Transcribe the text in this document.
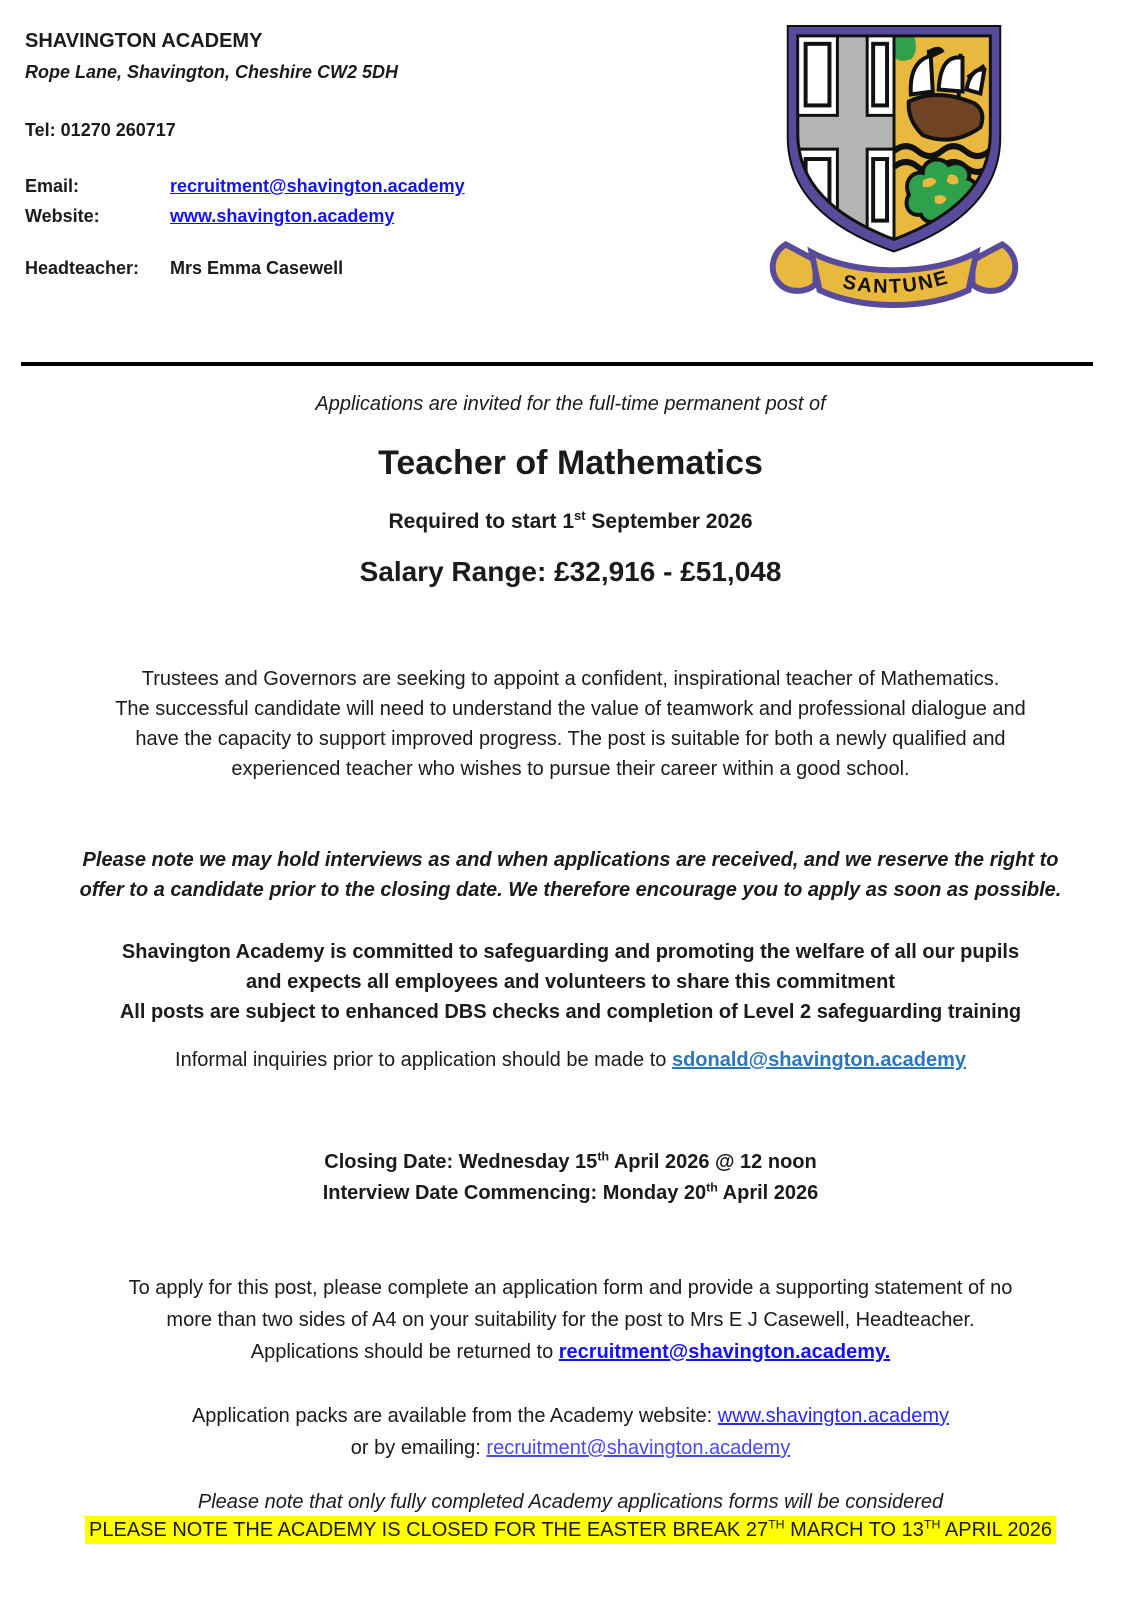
SHAVINGTON ACADEMY
Rope Lane, Shavington, Cheshire CW2 5DH
Tel: 01270 260717
Email:	recruitment@shavington.academy
Website:	www.shavington.academy
Headteacher:	Mrs Emma Casewell
SANTUNE
Applications are invited for the full-time permanent post of
Teacher of Mathematics
Required to start 1st September 2026
Salary Range: £32,916 - £51,048
Trustees and Governors are seeking to appoint a confident, inspirational teacher of Mathematics.
The successful candidate will need to understand the value of teamwork and professional dialogue and
have the capacity to support improved progress. The post is suitable for both a newly qualified and
experienced teacher who wishes to pursue their career within a good school.
Please note we may hold interviews as and when applications are received, and we reserve the right to
offer to a candidate prior to the closing date. We therefore encourage you to apply as soon as possible.
Shavington Academy is committed to safeguarding and promoting the welfare of all our pupils
and expects all employees and volunteers to share this commitment
All posts are subject to enhanced DBS checks and completion of Level 2 safeguarding training
Informal inquiries prior to application should be made to sdonald@shavington.academy
Closing Date: Wednesday 15th April 2026 @ 12 noon
Interview Date Commencing: Monday 20th April 2026
To apply for this post, please complete an application form and provide a supporting statement of no
more than two sides of A4 on your suitability for the post to Mrs E J Casewell, Headteacher.
Applications should be returned to recruitment@shavington.academy.
Application packs are available from the Academy website: www.shavington.academy
or by emailing: recruitment@shavington.academy
Please note that only fully completed Academy applications forms will be considered
PLEASE NOTE THE ACADEMY IS CLOSED FOR THE EASTER BREAK 27TH MARCH TO 13TH APRIL 2026
